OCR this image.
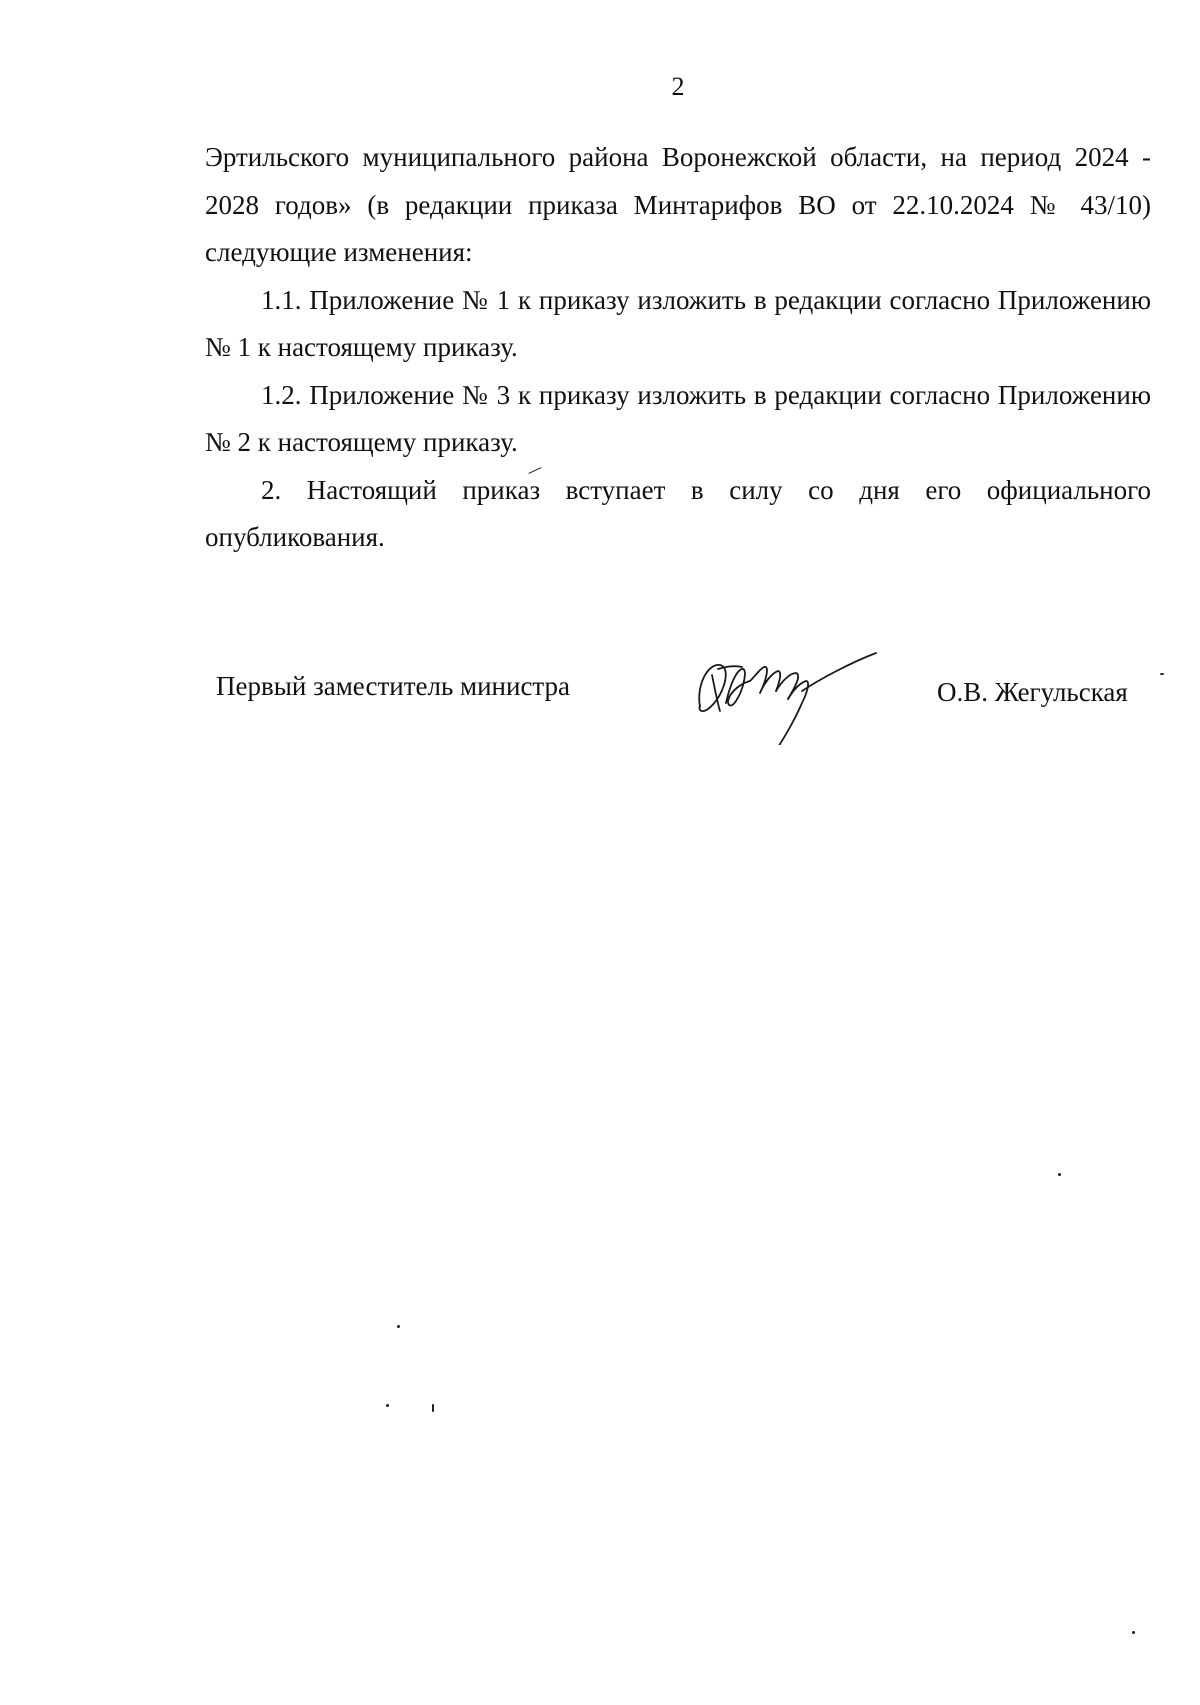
2

Эртильского муниципального района Воронежской области, на период 2024 - 2028 годов» (в редакции приказа Минтарифов ВО от 22.10.2024 № 43/10) следующие изменения:

1.1. Приложение № 1 к приказу изложить в редакции согласно Приложению № 1 к настоящему приказу.

1.2. Приложение № 3 к приказу изложить в редакции согласно Приложению № 2 к настоящему приказу.

2. Настоящий приказ вступает в силу со дня его официального опубликования.

Первый заместитель министра	О.В. Жегульская
